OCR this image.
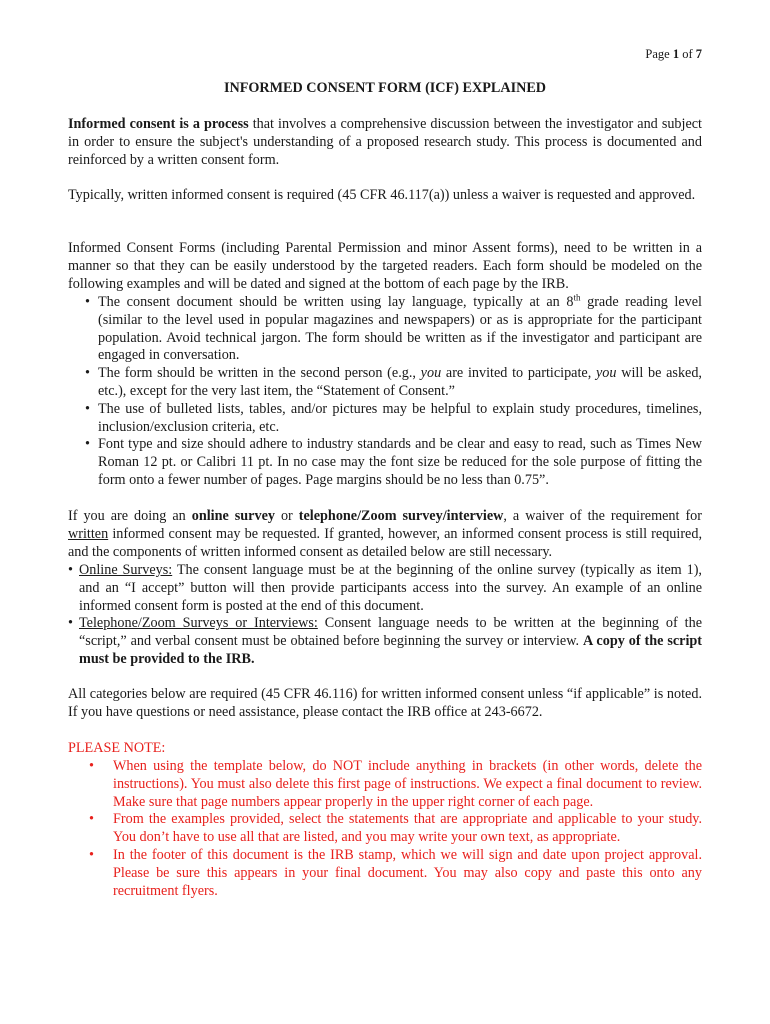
Page 1 of 7
INFORMED CONSENT FORM (ICF) EXPLAINED

Informed consent is a process that involves a comprehensive discussion between the investigator and subject in order to ensure the subject's understanding of a proposed research study. This process is documented and reinforced by a written consent form.

Typically, written informed consent is required (45 CFR 46.117(a)) unless a waiver is requested and approved.

Informed Consent Forms (including Parental Permission and minor Assent forms), need to be written in a manner so that they can be easily understood by the targeted readers. Each form should be modeled on the following examples and will be dated and signed at the bottom of each page by the IRB.

• The consent document should be written using lay language, typically at an 8th grade reading level (similar to the level used in popular magazines and newspapers) or as is appropriate for the participant population. Avoid technical jargon. The form should be written as if the investigator and participant are engaged in conversation.
• The form should be written in the second person (e.g., you are invited to participate, you will be asked, etc.), except for the very last item, the “Statement of Consent.”
• The use of bulleted lists, tables, and/or pictures may be helpful to explain study procedures, timelines, inclusion/exclusion criteria, etc.
• Font type and size should adhere to industry standards and be clear and easy to read, such as Times New Roman 12 pt. or Calibri 11 pt. In no case may the font size be reduced for the sole purpose of fitting the form onto a fewer number of pages. Page margins should be no less than 0.75”.

If you are doing an online survey or telephone/Zoom survey/interview, a waiver of the requirement for written informed consent may be requested. If granted, however, an informed consent process is still required, and the components of written informed consent as detailed below are still necessary.

• Online Surveys: The consent language must be at the beginning of the online survey (typically as item 1), and an “I accept” button will then provide participants access into the survey. An example of an online informed consent form is posted at the end of this document.
• Telephone/Zoom Surveys or Interviews: Consent language needs to be written at the beginning of the “script,” and verbal consent must be obtained before beginning the survey or interview. A copy of the script must be provided to the IRB.

All categories below are required (45 CFR 46.116) for written informed consent unless “if applicable” is noted. If you have questions or need assistance, please contact the IRB office at 243-6672.

PLEASE NOTE:

• When using the template below, do NOT include anything in brackets (in other words, delete the instructions). You must also delete this first page of instructions. We expect a final document to review. Make sure that page numbers appear properly in the upper right corner of each page.
• From the examples provided, select the statements that are appropriate and applicable to your study. You don’t have to use all that are listed, and you may write your own text, as appropriate.
• In the footer of this document is the IRB stamp, which we will sign and date upon project approval. Please be sure this appears in your final document. You may also copy and paste this onto any recruitment flyers.
